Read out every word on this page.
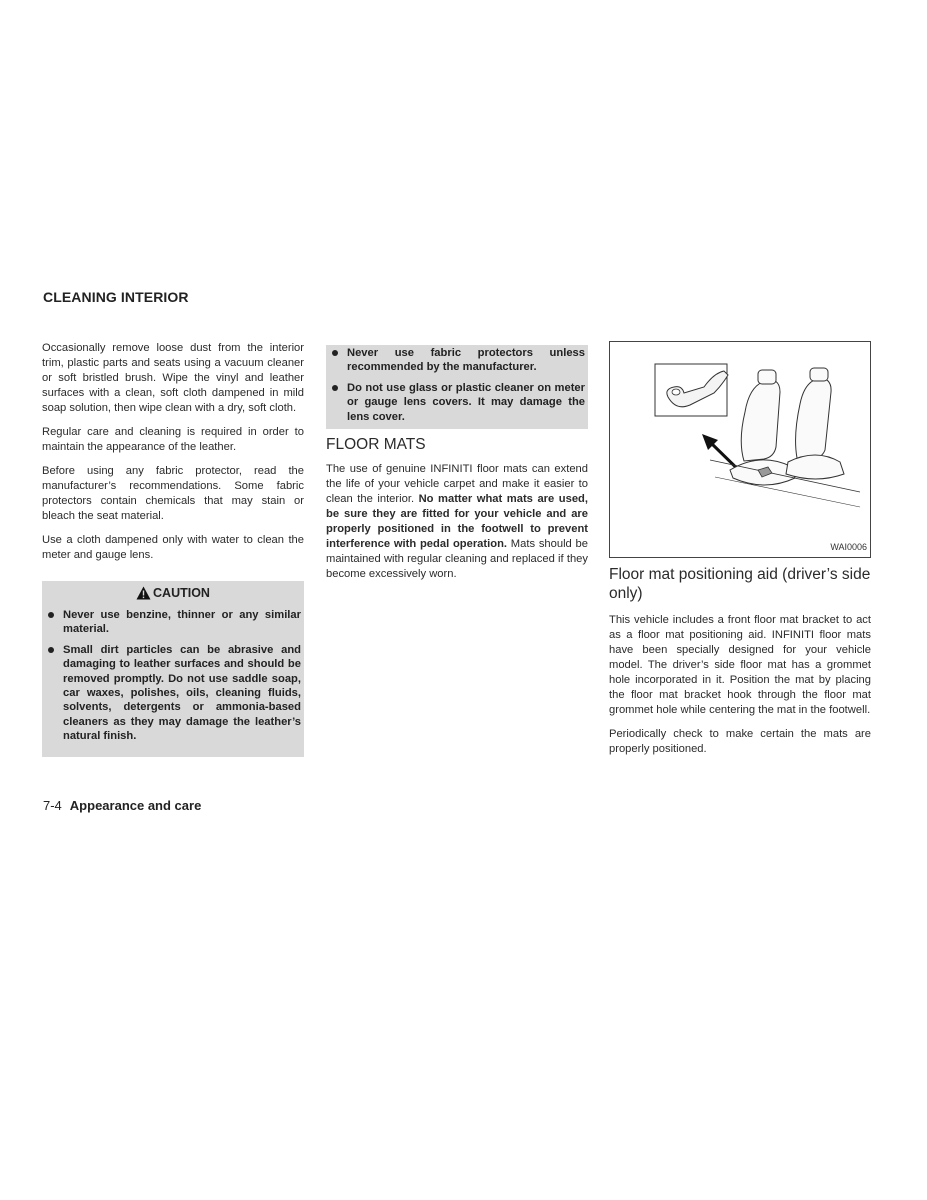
CLEANING INTERIOR

Occasionally remove loose dust from the interior trim, plastic parts and seats using a vacuum cleaner or soft bristled brush. Wipe the vinyl and leather surfaces with a clean, soft cloth dampened in mild soap solution, then wipe clean with a dry, soft cloth.

Regular care and cleaning is required in order to maintain the appearance of the leather.

Before using any fabric protector, read the manufacturer’s recommendations. Some fabric protectors contain chemicals that may stain or bleach the seat material.

Use a cloth dampened only with water to clean the meter and gauge lens.

CAUTION
Never use benzine, thinner or any similar material.
Small dirt particles can be abrasive and damaging to leather surfaces and should be removed promptly. Do not use saddle soap, car waxes, polishes, oils, cleaning fluids, solvents, detergents or ammonia-based cleaners as they may damage the leather’s natural finish.
Never use fabric protectors unless recommended by the manufacturer.
Do not use glass or plastic cleaner on meter or gauge lens covers. It may damage the lens cover.
FLOOR MATS

The use of genuine INFINITI floor mats can extend the life of your vehicle carpet and make it easier to clean the interior. No matter what mats are used, be sure they are fitted for your vehicle and are properly positioned in the footwell to prevent interference with pedal operation. Mats should be maintained with regular cleaning and replaced if they become excessively worn.

WAI0006
Floor mat positioning aid (driver’s side only)

This vehicle includes a front floor mat bracket to act as a floor mat positioning aid. INFINITI floor mats have been specially designed for your vehicle model. The driver’s side floor mat has a grommet hole incorporated in it. Position the mat by placing the floor mat bracket hook through the floor mat grommet hole while centering the mat in the footwell.

Periodically check to make certain the mats are properly positioned.

7-4 Appearance and care
